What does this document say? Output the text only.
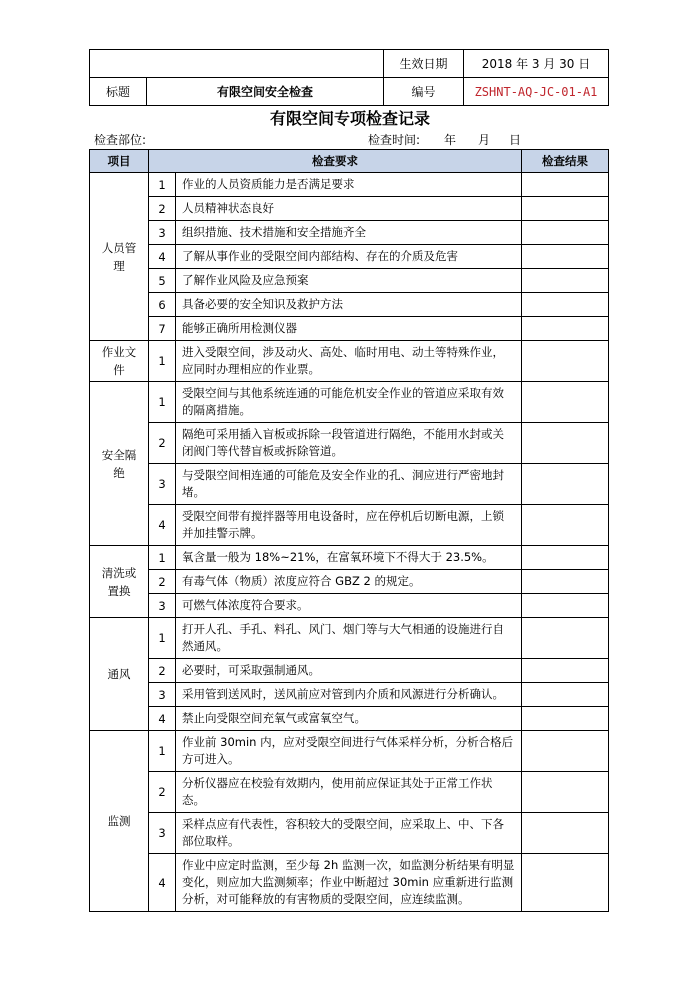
		生效日期	2018 年 3 月 30 日
标题	有限空间安全检查	编号	ZSHNT-AQ-JC-01-A1
有限空间专项检查记录
检查部位:	检查时间: 年 月 日
项目	检查要求		检查结果
人员管理	1	作业的人员资质能力是否满足要求	
	2	人员精神状态良好	
	3	组织措施、技术措施和安全措施齐全	
	4	了解从事作业的受限空间内部结构、存在的介质及危害	
	5	了解作业风险及应急预案	
	6	具备必要的安全知识及救护方法	
	7	能够正确所用检测仪器	
作业文件	1	进入受限空间，涉及动火、高处、临时用电、动土等特殊作业，应同时办理相应的作业票。	
安全隔绝	1	受限空间与其他系统连通的可能危机安全作业的管道应采取有效的隔离措施。	
	2	隔绝可采用插入盲板或拆除一段管道进行隔绝，不能用水封或关闭阀门等代替盲板或拆除管道。	
	3	与受限空间相连通的可能危及安全作业的孔、洞应进行严密地封堵。	
	4	受限空间带有搅拌器等用电设备时，应在停机后切断电源，上锁并加挂警示牌。	
清洗或置换	1	氧含量一般为 18%~21%，在富氧环境下不得大于 23.5%。	
	2	有毒气体（物质）浓度应符合 GBZ 2 的规定。	
	3	可燃气体浓度符合要求。	
通风	1	打开人孔、手孔、料孔、风门、烟门等与大气相通的设施进行自然通风。	
	2	必要时，可采取强制通风。	
	3	采用管到送风时，送风前应对管到内介质和风源进行分析确认。	
	4	禁止向受限空间充氧气或富氧空气。	
监测	1	作业前 30min 内，应对受限空间进行气体采样分析，分析合格后方可进入。	
	2	分析仪器应在校验有效期内，使用前应保证其处于正常工作状态。	
	3	采样点应有代表性，容积较大的受限空间，应采取上、中、下各部位取样。	
	4	作业中应定时监测，至少每 2h 监测一次，如监测分析结果有明显变化，则应加大监测频率；作业中断超过 30min 应重新进行监测分析，对可能释放的有害物质的受限空间，应连续监测。	
